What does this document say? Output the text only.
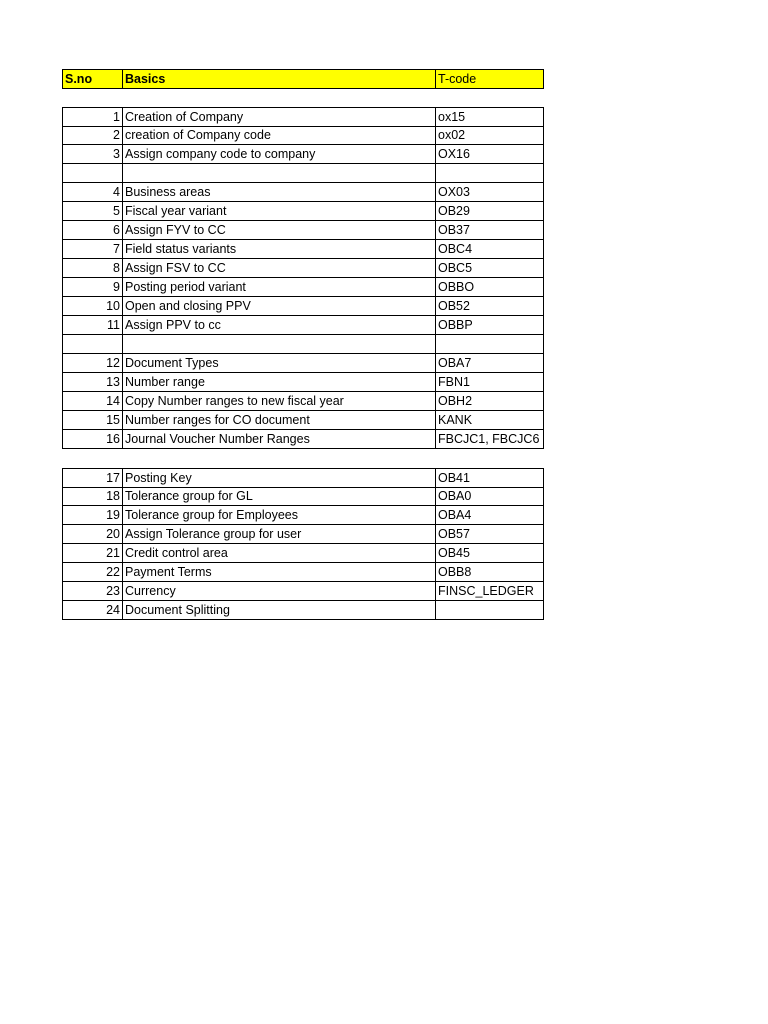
S.no	Basics	T-code
1 Creation of Company	ox15
2 creation of Company code	ox02
3 Assign company code to company	OX16
4 Business areas	OX03
5 Fiscal year variant	OB29
6 Assign FYV to CC	OB37
7 Field status variants	OBC4
8 Assign FSV to CC	OBC5
9 Posting period variant	OBBO
10 Open and closing PPV	OB52
11 Assign PPV to cc	OBBP
12 Document Types	OBA7
13 Number range	FBN1
14 Copy Number ranges to new fiscal year	OBH2
15 Number ranges for CO document	KANK
16 Journal Voucher Number Ranges	FBCJC1, FBCJC6
17 Posting Key	OB41
18 Tolerance group for GL	OBA0
19 Tolerance group for Employees	OBA4
20 Assign Tolerance group for user	OB57
21 Credit control area	OB45
22 Payment Terms	OBB8
23 Currency	FINSC_LEDGER
24 Document Splitting
